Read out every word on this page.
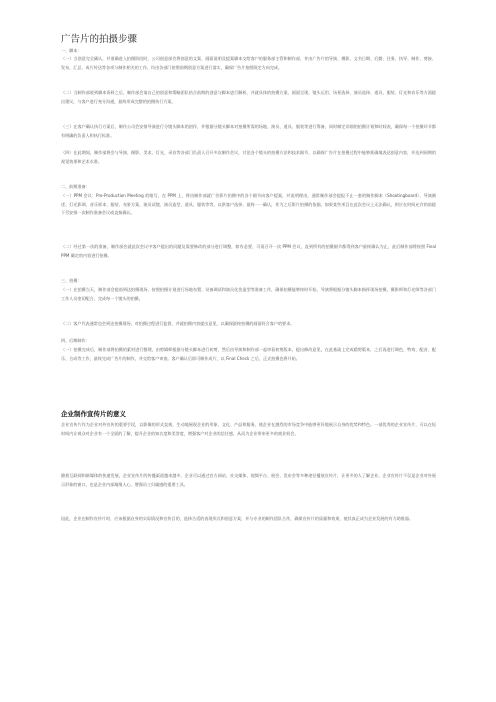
广告片的拍摄步骤

一、脚本：

（一）当创意完全确认，并准确进入拍摄阶段时，公司创意部会将创意的文案、画面说明及提案脚本交给客户的服务部主管和制作部，并由广告片的导演、摄影、文书日期、后勤、任务、执导、制作、剪接、发布、汇总、成片传达等各项与制作相关的工作，均由各部门按照前期创意方案进行落实，确保广告片按照既定方向完成。

（二）当制作部收到脚本资料之后，制作部会请自己的创意和策略团队结合前期的创意与脚本进行解析，并就具体的拍摄方案、画面呈现、镜头运用、场景选择、演员选择、道具、服装、灯光和音乐等方面提出建议，与客户进行充分沟通，最终形成完整的拍摄执行方案。

（三）在客户确认执行方案后，制作公司会安排导演进行分镜头脚本的创作，并根据分镜头脚本对拍摄所需的场地、演员、道具、服装等进行筹备，同时制定详细的拍摄计划和时间表，确保每一个拍摄环节都有明确的负责人和执行标准。

（四）在此期间，制作部将会与导演、摄影、美术、灯光、录音等各部门负责人召开多次制作会议，讨论各个镜头的拍摄方法和技术细节，以确保广告片在拍摄过程中能够准确地表达创意内容，并达到预期的视觉效果和艺术水准。

二、前期准备：

（一）PPM 会议：Pre-Production Meeting 的缩写，在 PPM 上，将由制作部就广告影片拍摄中的各个细节向客户提案，并说明理由，通常制作部会提报不止一套的制作脚本（Shootingboard）、导演阐述、灯光影调、音乐样本、服装、布景方案、演员试镜、演员造型、道具、服装等等，以供客户选择，最终一一确认，作为之后影片拍摄的依据。如果某些项目在此次会议上无法确认，则应在时间允许的前提下另安排一次制作准备会议或直接确认。

（二）经过第一次的准备，制作部会就此次会议中客户提出的问题及需要修改的部分进行调整，如有必要，可再召开一次 PPM 会议，直到所有的拍摄细节都得到客户最终确认为止，此后制作部将按照 Final PPM 确定的内容进行拍摄。

三、拍摄：

（一）在拍摄当天，制作部会提前到达拍摄现场，按照拍摄计划进行场地布置、设备调试和演员化妆造型等准备工作，确保拍摄能够按时开始。导演将根据分镜头脚本指挥现场拍摄，摄影师和灯光师等各部门工作人员密切配合，完成每一个镜头的拍摄。

（二）客户代表通常也会到达拍摄现场，对拍摄过程进行监督，并就拍摄内容提出意见，以确保最终拍摄的画面符合客户的要求。

四、后期制作：

（一）拍摄完成后，制作部将拍摄的素材进行整理，由剪辑师根据分镜头脚本进行初剪，然后由导演和制作部一起审看初剪版本，提出修改意见，在此基础上完成精剪版本，之后再进行调色、特效、配音、配乐、合成等工作，最终完成广告片的制作，并交给客户审查。客户确认后即可制作成片，以 Final Check 之后，正式拍摄也将开始。

企业制作宣传片的意义

企业宣传片作为企业对外宣传的重要手段，以影像的形式直观、生动地展现企业的形象、文化、产品和服务，使企业在激烈的市场竞争中能够更好地展示自身的优势和特色。一部优秀的企业宣传片，可以在短时间内让观众对企业有一个全面的了解，提升企业的知名度和美誉度，增强客户对企业的信任感，从而为企业带来更多的商业机会。

随着互联网和新媒体的快速发展，企业宣传片的传播渠道越来越多，企业可以通过官方网站、社交媒体、视频平台、展会、发布会等多种途径播放宣传片，让更多的人了解企业。企业宣传片不仅是企业对外展示形象的窗口，也是企业内部凝聚人心、增强员工归属感的重要工具。

因此，企业在制作宣传片时，应该根据自身的实际情况和宣传目的，选择合适的表现形式和创意方案，并与专业的制作团队合作，确保宣传片的质量和效果，使其真正成为企业发展的有力助推器。
